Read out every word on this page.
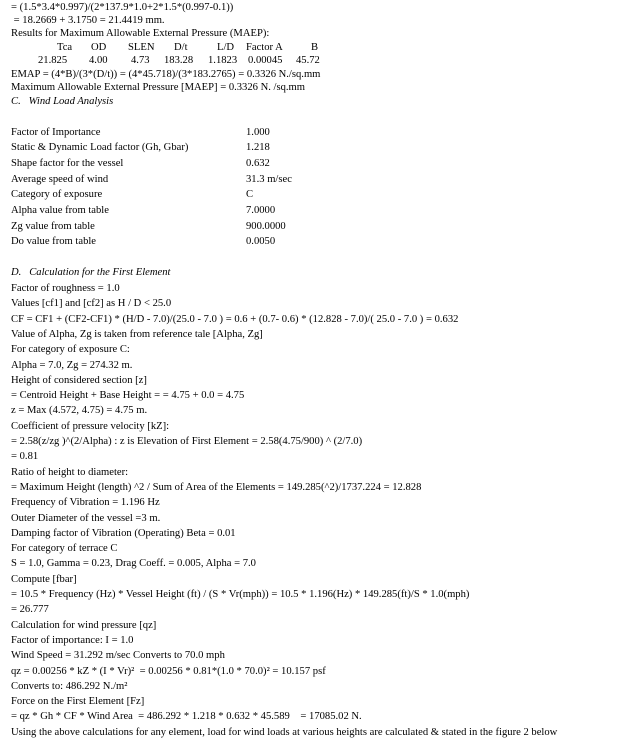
= (1.5*3.4*0.997)/(2*137.9*1.0+2*1.5*(0.997-0.1))
= 18.2669 + 3.1750 = 21.4419 mm.
Results for Maximum Allowable External Pressure (MAEP):
Tca OD SLEN D/t	L/D Factor A	B
21.825 4.00 4.73 183.28 1.1823 0.00045 45.72
EMAP = (4*B)/(3*(D/t)) = (4*45.718)/(3*183.2765) = 0.3326 N./sq.mm
Maximum Allowable External Pressure [MAEP] = 0.3326 N. /sq.mm
C.   Wind Load Analysis
Factor of Importance	1.000
Static & Dynamic Load factor (Gh, Gbar)	1.218
Shape factor for the vessel	0.632
Average speed of wind	31.3 m/sec
Category of exposure	C
Alpha value from table	7.0000
Zg value from table	900.0000
Do value from table	0.0050
D.   Calculation for the First Element
Factor of roughness = 1.0
Values [cf1] and [cf2] as H / D < 25.0
CF = CF1 + (CF2-CF1) * (H/D - 7.0)/(25.0 - 7.0 ) = 0.6 + (0.7- 0.6) * (12.828 - 7.0)/( 25.0 - 7.0 ) = 0.632
Value of Alpha, Zg is taken from reference tale [Alpha, Zg]
For category of exposure C:
Alpha = 7.0, Zg = 274.32 m.
Height of considered section [z]
= Centroid Height + Base Height = = 4.75 + 0.0 = 4.75
z = Max (4.572, 4.75) = 4.75 m.
Coefficient of pressure velocity [kZ]:
= 2.58(z/zg )^(2/Alpha) : z is Elevation of First Element = 2.58(4.75/900) ^ (2/7.0)
= 0.81
Ratio of height to diameter:
= Maximum Height (length) ^2 / Sum of Area of the Elements = 149.285(^2)/1737.224 = 12.828
Frequency of Vibration = 1.196 Hz
Outer Diameter of the vessel =3 m.
Damping factor of Vibration (Operating) Beta = 0.01
For category of terrace C
S = 1.0, Gamma = 0.23, Drag Coeff. = 0.005, Alpha = 7.0
Compute [fbar]
= 10.5 * Frequency (Hz) * Vessel Height (ft) / (S * Vr(mph)) = 10.5 * 1.196(Hz) * 149.285(ft)/S * 1.0(mph)
= 26.777
Calculation for wind pressure [qz]
Factor of importance: I = 1.0
Wind Speed = 31.292 m/sec Converts to 70.0 mph
qz = 0.00256 * kZ * (I * Vr)²  = 0.00256 * 0.81*(1.0 * 70.0)² = 10.157 psf
Converts to: 486.292 N./m²
Force on the First Element [Fz]
= qz * Gh * CF * Wind Area  = 486.292 * 1.218 * 0.632 * 45.589    = 17085.02 N.
Using the above calculations for any element, load for wind loads at various heights are calculated & stated in the figure 2 below
